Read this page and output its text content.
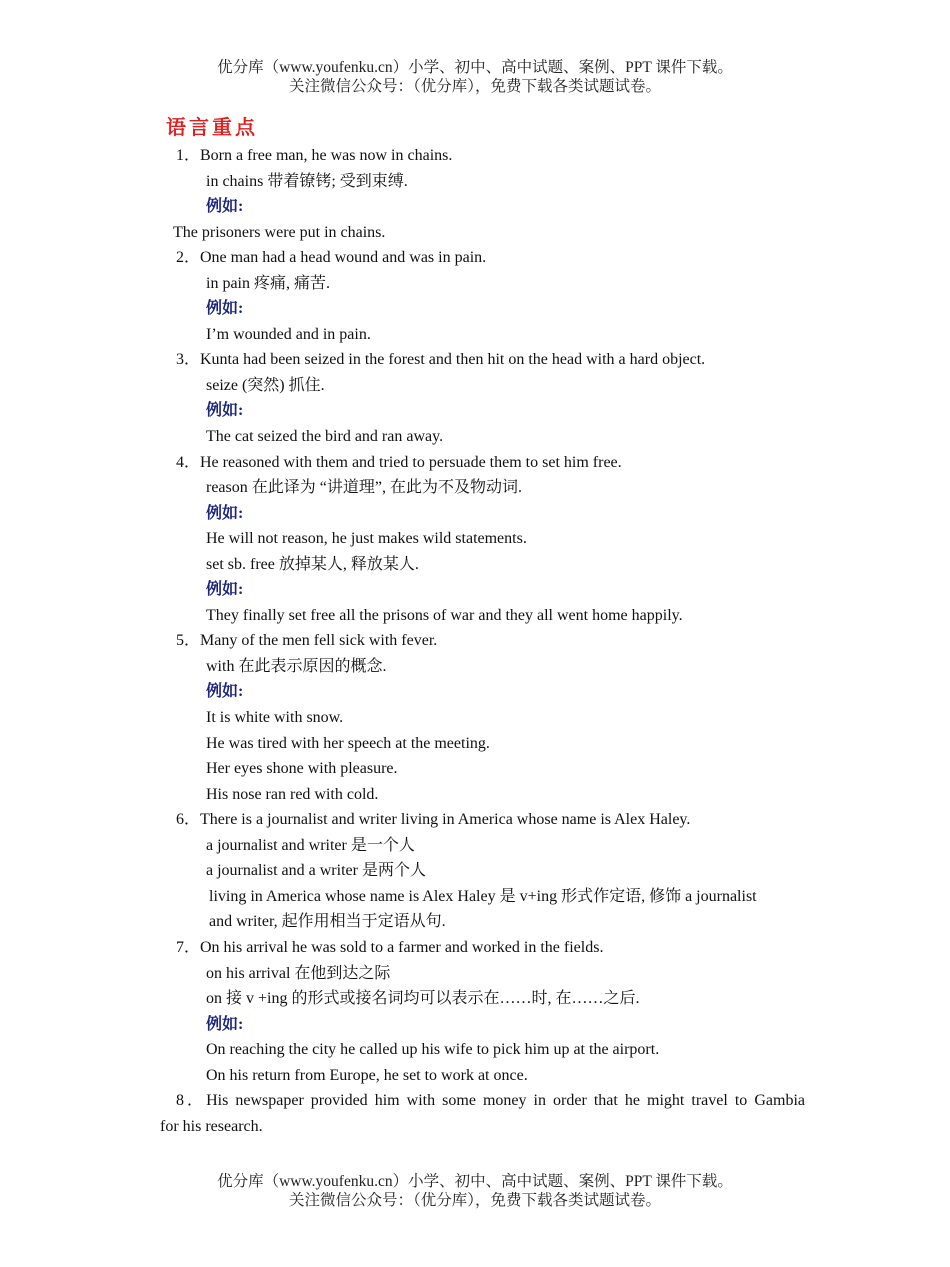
优分库（www.youfenku.cn）小学、初中、高中试题、案例、PPT 课件下载。
关注微信公众号：（优分库），免费下载各类试题试卷。
语言重点
1．Born a free man, he was now in chains.
in chains 带着镣铐; 受到束缚.
例如:
The prisoners were put in chains.
2．One man had a head wound and was in pain.
in pain 疼痛, 痛苦.
例如:
I’m wounded and in pain.
3．Kunta had been seized in the forest and then hit on the head with a hard object.
seize (突然) 抓住.
例如:
The cat seized the bird and ran away.
4．He reasoned with them and tried to persuade them to set him free.
reason 在此译为 “讲道理”, 在此为不及物动词.
例如:
He will not reason, he just makes wild statements.
set sb. free 放掉某人, 释放某人.
例如:
They finally set free all the prisons of war and they all went home happily.
5．Many of the men fell sick with fever.
with 在此表示原因的概念.
例如:
It is white with snow.
He was tired with her speech at the meeting.
Her eyes shone with pleasure.
His nose ran red with cold.
6．There is a journalist and writer living in America whose name is Alex Haley.
a journalist and writer 是一个人
a journalist and a writer 是两个人
living in America whose name is Alex Haley 是 v+ing 形式作定语, 修饰 a journalist
and writer, 起作用相当于定语从句.
7．On his arrival he was sold to a farmer and worked in the fields.
on his arrival 在他到达之际
on 接 v +ing 的形式或接名词均可以表示在……时, 在……之后.
例如:
On reaching the city he called up his wife to pick him up at the airport.
On his return from Europe, he set to work at once.
8．His newspaper provided him with some money in order that he might travel to Gambia
for his research.
优分库（www.youfenku.cn）小学、初中、高中试题、案例、PPT 课件下载。
关注微信公众号：（优分库），免费下载各类试题试卷。
